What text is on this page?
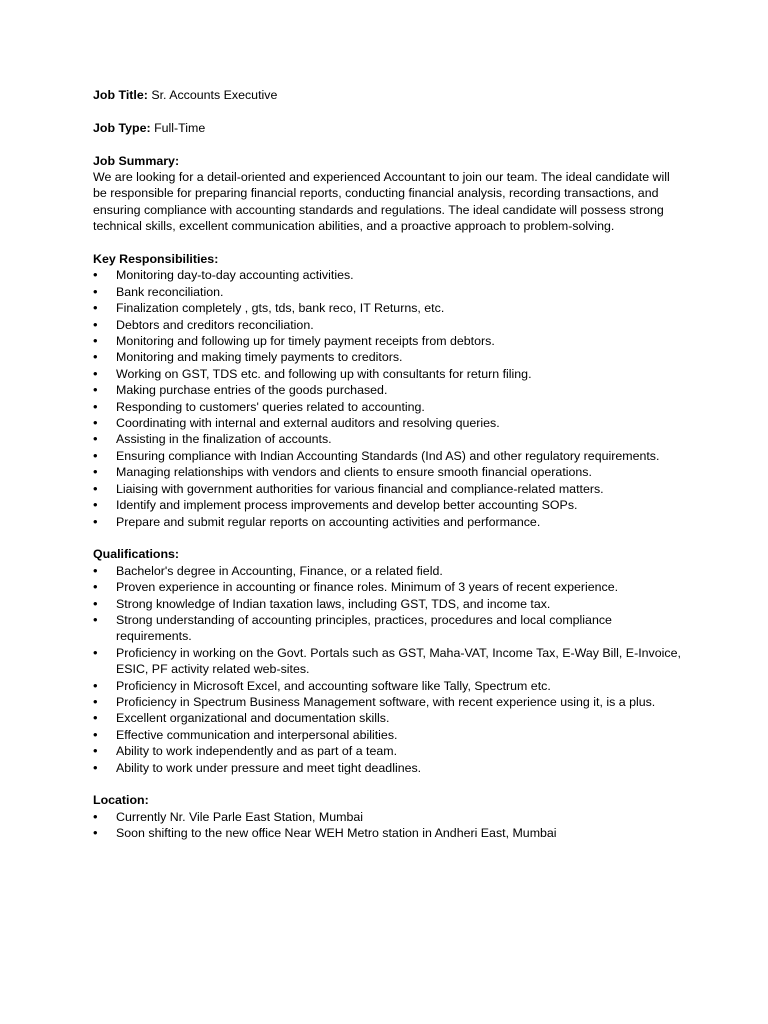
Job Title: Sr. Accounts Executive
Job Type: Full-Time
Job Summary:
We are looking for a detail-oriented and experienced Accountant to join our team. The ideal candidate will be responsible for preparing financial reports, conducting financial analysis, recording transactions, and ensuring compliance with accounting standards and regulations. The ideal candidate will possess strong technical skills, excellent communication abilities, and a proactive approach to problem-solving.
Key Responsibilities:
•
Monitoring day-to-day accounting activities.
•
Bank reconciliation.
•
Finalization completely , gts, tds, bank reco, IT Returns, etc.
•
Debtors and creditors reconciliation.
•
Monitoring and following up for timely payment receipts from debtors.
•
Monitoring and making timely payments to creditors.
•
Working on GST, TDS etc. and following up with consultants for return filing.
•
Making purchase entries of the goods purchased.
•
Responding to customers' queries related to accounting.
•
Coordinating with internal and external auditors and resolving queries.
•
Assisting in the finalization of accounts.
•
Ensuring compliance with Indian Accounting Standards (Ind AS) and other regulatory requirements.
•
Managing relationships with vendors and clients to ensure smooth financial operations.
•
Liaising with government authorities for various financial and compliance-related matters.
•
Identify and implement process improvements and develop better accounting SOPs.
•
Prepare and submit regular reports on accounting activities and performance.
Qualifications:
•
Bachelor's degree in Accounting, Finance, or a related field.
•
Proven experience in accounting or finance roles. Minimum of 3 years of recent experience.
•
Strong knowledge of Indian taxation laws, including GST, TDS, and income tax.
•
Strong understanding of accounting principles, practices, procedures and local compliance requirements.
•
Proficiency in working on the Govt. Portals such as GST, Maha-VAT, Income Tax, E-Way Bill, E-Invoice, ESIC, PF activity related web-sites.
•
Proficiency in Microsoft Excel, and accounting software like Tally, Spectrum etc.
•
Proficiency in Spectrum Business Management software, with recent experience using it, is a plus.
•
Excellent organizational and documentation skills.
•
Effective communication and interpersonal abilities.
•
Ability to work independently and as part of a team.
•
Ability to work under pressure and meet tight deadlines.
Location:
•
Currently Nr. Vile Parle East Station, Mumbai
•
Soon shifting to the new office Near WEH Metro station in Andheri East, Mumbai
